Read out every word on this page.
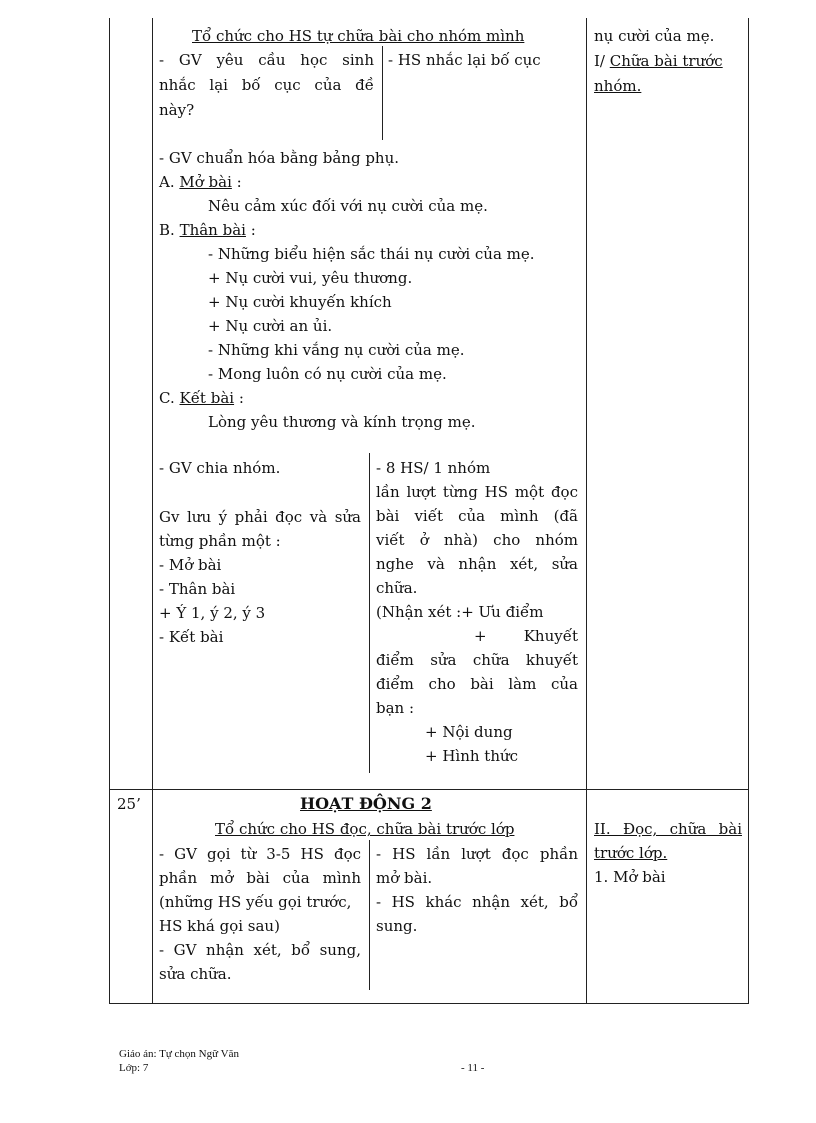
Tổ chức cho HS tự chữa bài cho nhóm mình
- GV yêu cầu học sinh
nhắc lại bố cục của đề
này?
- HS nhắc lại bố cục
nụ cười của mẹ.
I/ Chữa bài trước
nhóm.
- GV chuẩn hóa bằng bảng phụ.
A. Mở bài :
Nêu cảm xúc đối với nụ cười của mẹ.
B. Thân bài :
- Những biểu hiện sắc thái nụ cười của mẹ.
+ Nụ cười vui, yêu thương.
+ Nụ cười khuyến khích
+ Nụ cười an ủi.
- Những khi vắng nụ cười của mẹ.
- Mong luôn có nụ cười của mẹ.
C. Kết bài :
Lòng yêu thương và kính trọng mẹ.
- GV chia nhóm.
Gv lưu ý phải đọc và sửa
từng phần một :
- Mở bài
- Thân bài
+ Ý 1, ý 2, ý 3
- Kết bài
- 8 HS/ 1 nhóm
lần lượt từng HS một đọc
bài viết của mình (đã
viết ở nhà) cho nhóm
nghe và nhận xét, sửa
chữa.
(Nhận xét :+ Ưu điểm
+ Khuyết
điểm sửa chữa khuyết
điểm cho bài làm của
bạn :
+ Nội dung
+ Hình thức
25’	HOẠT ĐỘNG 2
Tổ chức cho HS đọc, chữa bài trước lớp
- GV gọi từ 3-5 HS đọc
phần mở bài của mình
(những HS yếu gọi trước,
HS khá gọi sau)
- GV nhận xét, bổ sung,
sửa chữa.
- HS lần lượt đọc phần
mở bài.
- HS khác nhận xét, bổ
sung.
II. Đọc, chữa bài
trước lớp.
1. Mở bài
Giáo án: Tự chọn Ngữ Văn
Lớp: 7	- 11 -
